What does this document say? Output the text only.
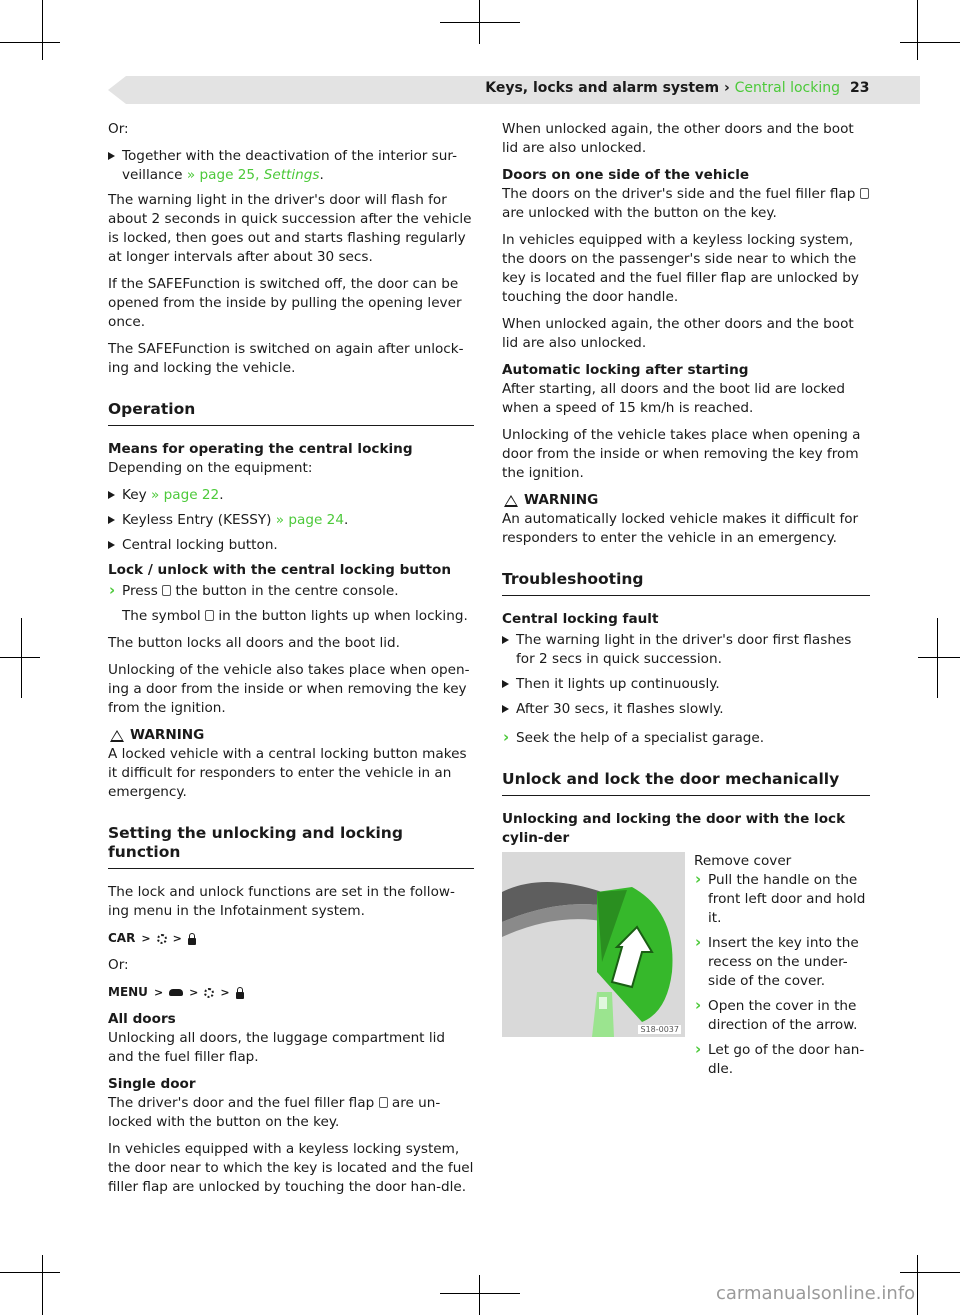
Keys, locks and alarm system › Central locking 23

Or:

Together with the deactivation of the interior sur-veillance » page 25, Settings.

The warning light in the driver's door will flash for about 2 seconds in quick succession after the vehicle is locked, then goes out and starts flashing regularly at longer intervals after about 30 secs.

If the SAFEFunction is switched off, the door can be opened from the inside by pulling the opening lever once.

The SAFEFunction is switched on again after unlock-ing and locking the vehicle.

Operation

Means for operating the central locking
Depending on the equipment:

Key » page 22.
Keyless Entry (KESSY) » page 24.
Central locking button.

Lock / unlock with the central locking button

› Press the button in the centre console.

The symbol in the button lights up when locking.

The button locks all doors and the boot lid.

Unlocking of the vehicle also takes place when open-ing a door from the inside or when removing the key from the ignition.

WARNING

A locked vehicle with a central locking button makes it difficult for responders to enter the vehicle in an emergency.

Setting the unlocking and locking function

The lock and unlock functions are set in the follow-ing menu in the Infotainment system.

CAR > >

Or:

MENU > > >

All doors
Unlocking all doors, the luggage compartment lid and the fuel filler flap.

Single door
The driver's door and the fuel filler flap are un-locked with the button on the key.

In vehicles equipped with a keyless locking system, the door near to which the key is located and the fuel filler flap are unlocked by touching the door han-dle.

When unlocked again, the other doors and the boot lid are also unlocked.

Doors on one side of the vehicle
The doors on the driver's side and the fuel filler flap  are unlocked with the button on the key.

In vehicles equipped with a keyless locking system, the doors on the passenger's side near to which the key is located and the fuel filler flap are unlocked by touching the door handle.

When unlocked again, the other doors and the boot lid are also unlocked.

Automatic locking after starting
After starting, all doors and the boot lid are locked when a speed of 15 km/h is reached.

Unlocking of the vehicle takes place when opening a door from the inside or when removing the key from the ignition.

WARNING

An automatically locked vehicle makes it difficult for responders to enter the vehicle in an emergency.

Troubleshooting

Central locking fault

The warning light in the driver's door first flashes for 2 secs in quick succession.
Then it lights up continuously.
After 30 secs, it flashes slowly.
› Seek the help of a specialist garage.
Unlock and lock the door mechanically

Unlocking and locking the door with the lock cylin-der

S18-0037

Remove cover

› Pull the handle on the front left door and hold it.
› Insert the key into the recess on the under-side of the cover.
› Open the cover in the direction of the arrow.
› Let go of the door han-dle.
carmanualsonline.info
